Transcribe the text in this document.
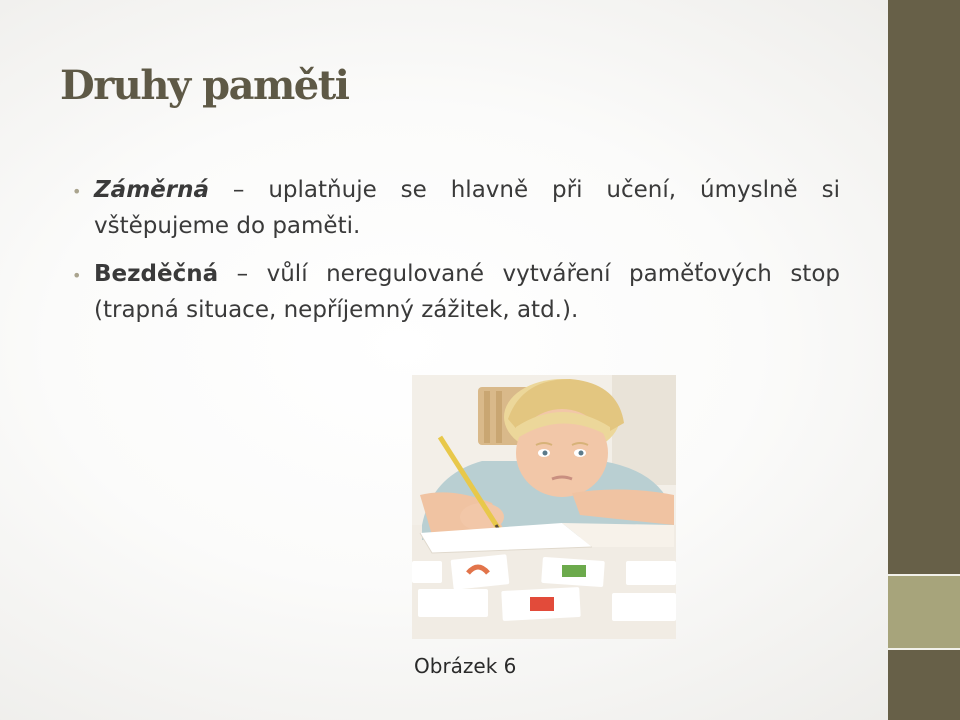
Druhy paměti
• Záměrná – uplatňuje se hlavně při učení, úmyslně si vštěpujeme do paměti.
• Bezděčná – vůlí neregulované vytváření paměťových stop (trapná situace, nepříjemný zážitek, atd.).

Obrázek 6
